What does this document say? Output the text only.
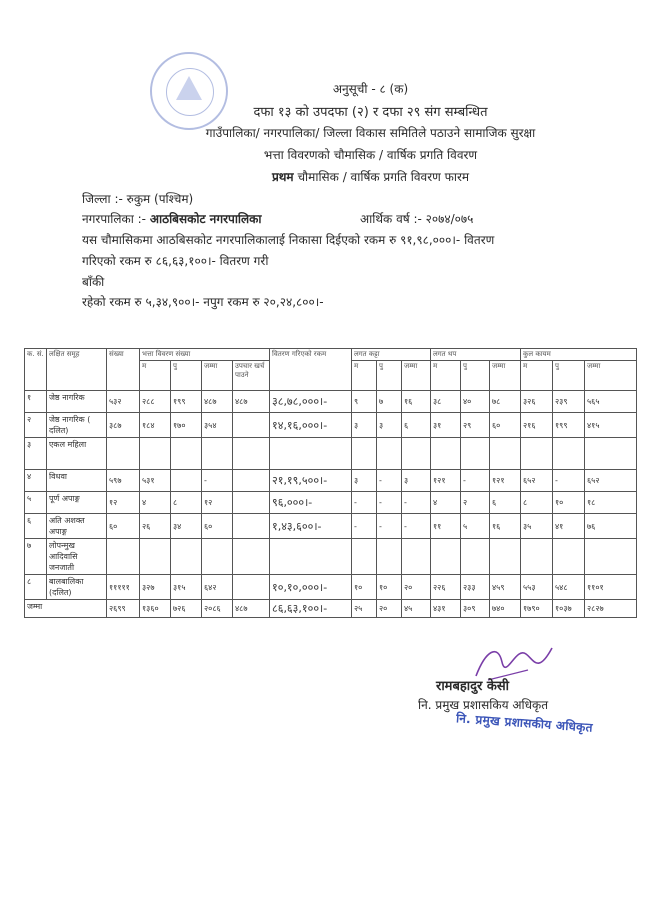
अनुसूची - ८ (क)
दफा १३ को उपदफा (२) र दफा २९ संग सम्बन्धित
गाउँपालिका/ नगरपालिका/ जिल्ला विकास समितिले पठाउने सामाजिक सुरक्षा
भत्ता विवरणको चौमासिक / वार्षिक प्रगति विवरण
प्रथम चौमासिक / वार्षिक प्रगति विवरण फारम
जिल्ला :- रुकुम (पश्चिम)
नगरपालिका :- आठबिसकोट नगरपालिका	आर्थिक वर्ष :- २०७४/०७५
यस चौमासिकमा आठबिसकोट नगरपालिकालाई निकासा दिईएको रकम रु ९१,९८,०००।- वितरण
गरिएको रकम रु ८६,६३,१००।- वितरण गरी
बाँकी
रहेको रकम रु ५,३४,९००।- नपुग रकम रु २०,२४,८००।-
क. सं.	लक्षित समूह	संख्या	भत्ता विवरण संख्या				वितरण गरिएको रकम	लगत कट्टा			लगत थप			कुल कायम		
			म	पु	जम्मा	उपचार खर्च पाउने		म	पु	जम्मा	म	पु	जम्मा	म	पु	जम्मा
१	जेष्ठ नागरिक	५३२	२८८	१९९	४८७	४८७	३८,७८,०००।-	९	७	१६	३८	४०	७८	३२६	२३९	५६५
२	जेष्ठ नागरिक ( दलित)	३८७	१८४	१७०	३५४		१४,१६,०००।-	३	३	६	३१	२९	६०	२१६	१९९	४१५
३	एकल महिला															
४	विधवा	५९७	५३१		-		२१,१९,५००।-	३	-	३	१२१	-	१२१	६५२	-	६५२
५	पूर्ण अपाङ्ग	१२	४	८	१२		९६,०००।-	-	-	-	४	२	६	८	१०	१८
६	अति अशक्त अपाङ्ग	६०	२६	३४	६०		१,४३,६००।-	-	-	-	११	५	१६	३५	४१	७६
७	लोपन्मुख आदिवासि जनजाती															
८	बालबालिका (दलित)	१११११	३२७	३१५	६४२		१०,१०,०००।-	१०	१०	२०	२२६	२३३	४५९	५५३	५४८	११०१
जम्मा		२६९९	१३६०	७२६	२०८६	४८७	८६,६३,१००।-	२५	२०	४५	४३१	३०९	७४०	१७९०	१०३७	२८२७
रामबहादुर केसी
नि. प्रमुख प्रशासकिय अधिकृत
नि. प्रमुख प्रशासकीय अधिकृत
